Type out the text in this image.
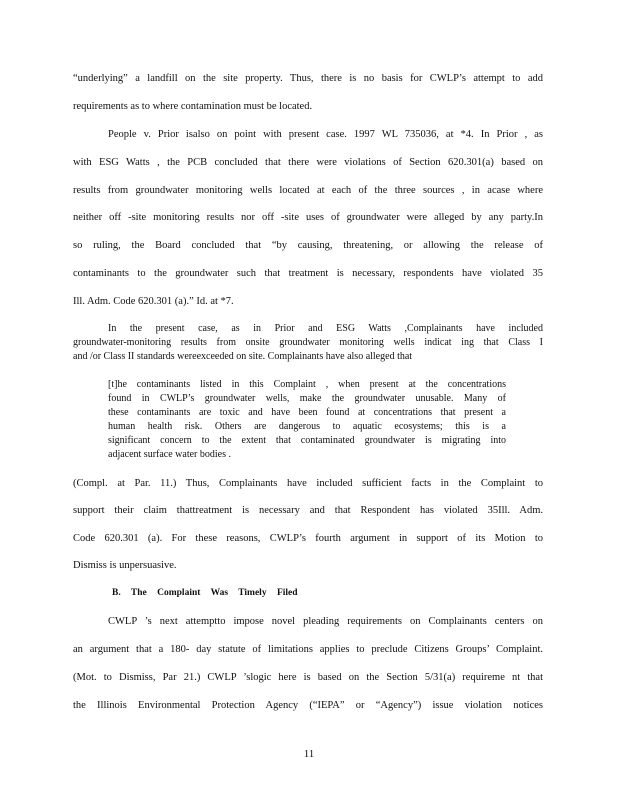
“underlying” a landfill on the site property. Thus, there is no basis for CWLP’s attempt to add
requirements as to where contamination must be located.
People v. Prior isalso on point with present case. 1997 WL 735036, at *4. In Prior , as
with ESG Watts , the PCB concluded that there were violations of Section 620.301(a) based on
results from groundwater monitoring wells located at each of the three sources , in acase where
neither off -site monitoring results nor off -site uses of groundwater were alleged by any party.In
so ruling, the Board concluded that “by causing, threatening, or allowing the release of
contaminants to the groundwater such that treatment is necessary, respondents have violated 35
Ill. Adm. Code 620.301 (a).” Id. at *7.
In the present case, as in Prior and ESG Watts ,Complainants have included
groundwater-monitoring results from onsite groundwater monitoring wells indicat ing that Class I
and /or Class II standards wereexceeded on site. Complainants have also alleged that
[t]he contaminants listed in this Complaint , when present at the concentrations
found in CWLP’s groundwater wells, make the groundwater unusable. Many of
these contaminants are toxic and have been found at concentrations that present a
human health risk. Others are dangerous to aquatic ecosystems; this is a
significant concern to the extent that contaminated groundwater is migrating into
adjacent surface water bodies .
(Compl. at Par. 11.) Thus, Complainants have included sufficient facts in the Complaint to
support their claim thattreatment is necessary and that Respondent has violated 35Ill. Adm.
Code 620.301 (a). For these reasons, CWLP’s fourth argument in support of its Motion to
Dismiss is unpersuasive.
B. The Complaint Was Timely Filed
CWLP ’s next attemptto impose novel pleading requirements on Complainants centers on
an argument that a 180- day statute of limitations applies to preclude Citizens Groups’ Complaint.
(Mot. to Dismiss, Par 21.) CWLP ’slogic here is based on the Section 5/31(a) requireme nt that
the Illinois Environmental Protection Agency (“IEPA” or “Agency”) issue violation notices
11
